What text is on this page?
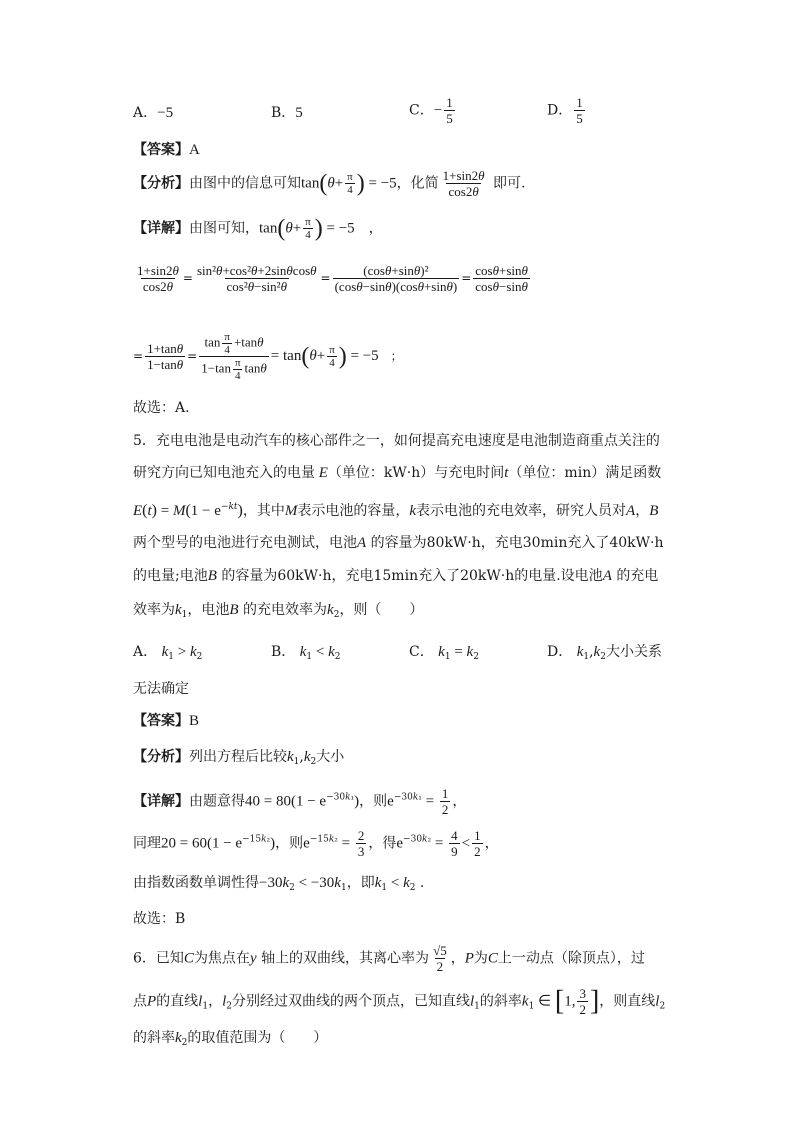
A．−5	B．5	C．− $\frac{1}{5}$	D． $\frac{1}{5}$
【答案】A
【分析】由图中的信息可知$\tan(\theta+ \frac{\pi}{4}$ ) = −5，化简 $\frac{1+\sin 2\theta}{\cos 2\theta}$ 即可.
【详解】由图可知，$\tan(\theta+ \frac{\pi}{4}$ ) = −5　，
$\frac{1+\sin 2\theta}{\cos 2\theta} = \frac{\text{sin²θ+cos²θ+2sinθcosθ}}{\text{cos²θ−sin²θ}} = \frac{\text{(cosθ+sinθ)²}}{(\cos\theta-\sin\theta)(\cos\theta+\sin\theta)} = \frac{\cos\theta+\sin\theta}{\cos\theta-\sin\theta}$
= $\frac{1+\tan\theta}{1-\tan\theta} = \frac{\tan \frac{\pi}{4} +\tan\theta}{1-\tan \frac{\pi}{4} \tan\theta} = \tan(\theta+ \frac{\pi}{4}$ ) = −5　；
故选：A.
5．充电电池是电动汽车的核心部件之一，如何提高充电速度是电池制造商重点关注的
研究方向已知电池充入的电量 E（单位：kW·h）与充电时间t（单位：min）满足函数
$E(t) = M(1 - e^{-kt})$，其中M表示电池的容量，k表示电池的充电效率，研究人员对A，B
两个型号的电池进行充电测试，电池A 的容量为80kW·h，充电30min充入了40kW·h
的电量;电池B 的容量为60kW·h，充电15min充入了20kW·h的电量.设电池A 的充电
效率为$k_1$，电池B 的充电效率为$k_2$，则（　　）
A． $k_1 > k_2$	B． $k_1 < k_2$	C． $k_1 = k_2$	D． $k_1,k_2$大小关系
无法确定
【答案】B
【分析】列出方程后比较$k_1,k_2$大小
【详解】由题意得$40 = 80(1 - e^{-30k_1})$，则$e^{-30k_1} = \frac{1}{2}$ ，
同理$20 = 60(1 - e^{-15k_2})$，则$e^{-15k_2} = \frac{2}{3}$ ，得$e^{-30k_2} = \frac{4}{9} < \frac{1}{2}$ ，
由指数函数单调性得$-30k_2 < -30k_1$，即$k_1 < k_2$ .
故选：B
6．已知C为焦点在y 轴上的双曲线，其离心率为 $\frac{√5}{2}$ ，P为C上一动点（除顶点），过
点P的直线$l_1$，$l_2$分别经过双曲线的两个顶点，已知直线$l_1$的斜率$k_1$ ∈ [1, $\frac{3}{2}$ ]，则直线$l_2$
的斜率$k_2$的取值范围为（　　）
